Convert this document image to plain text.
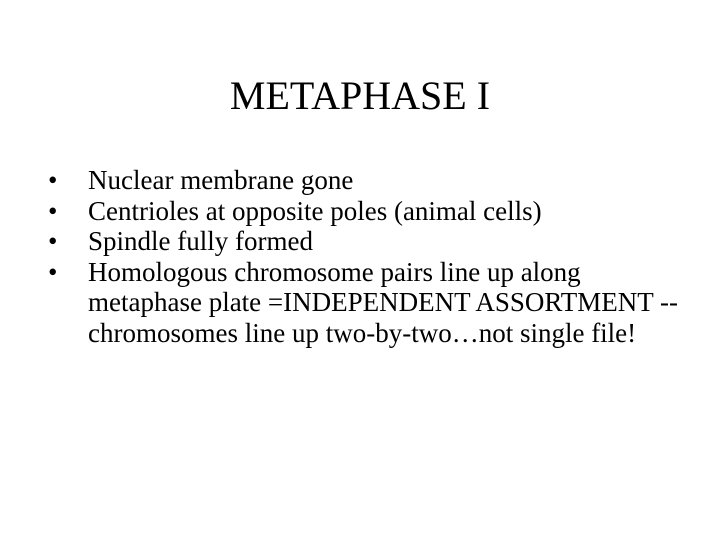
METAPHASE I
•	Nuclear membrane gone
•	Centrioles at opposite poles (animal cells)
•	Spindle fully formed
•	Homologous chromosome pairs line up along metaphase plate =INDEPENDENT ASSORTMENT -- chromosomes line up two-by-two…not single file!
